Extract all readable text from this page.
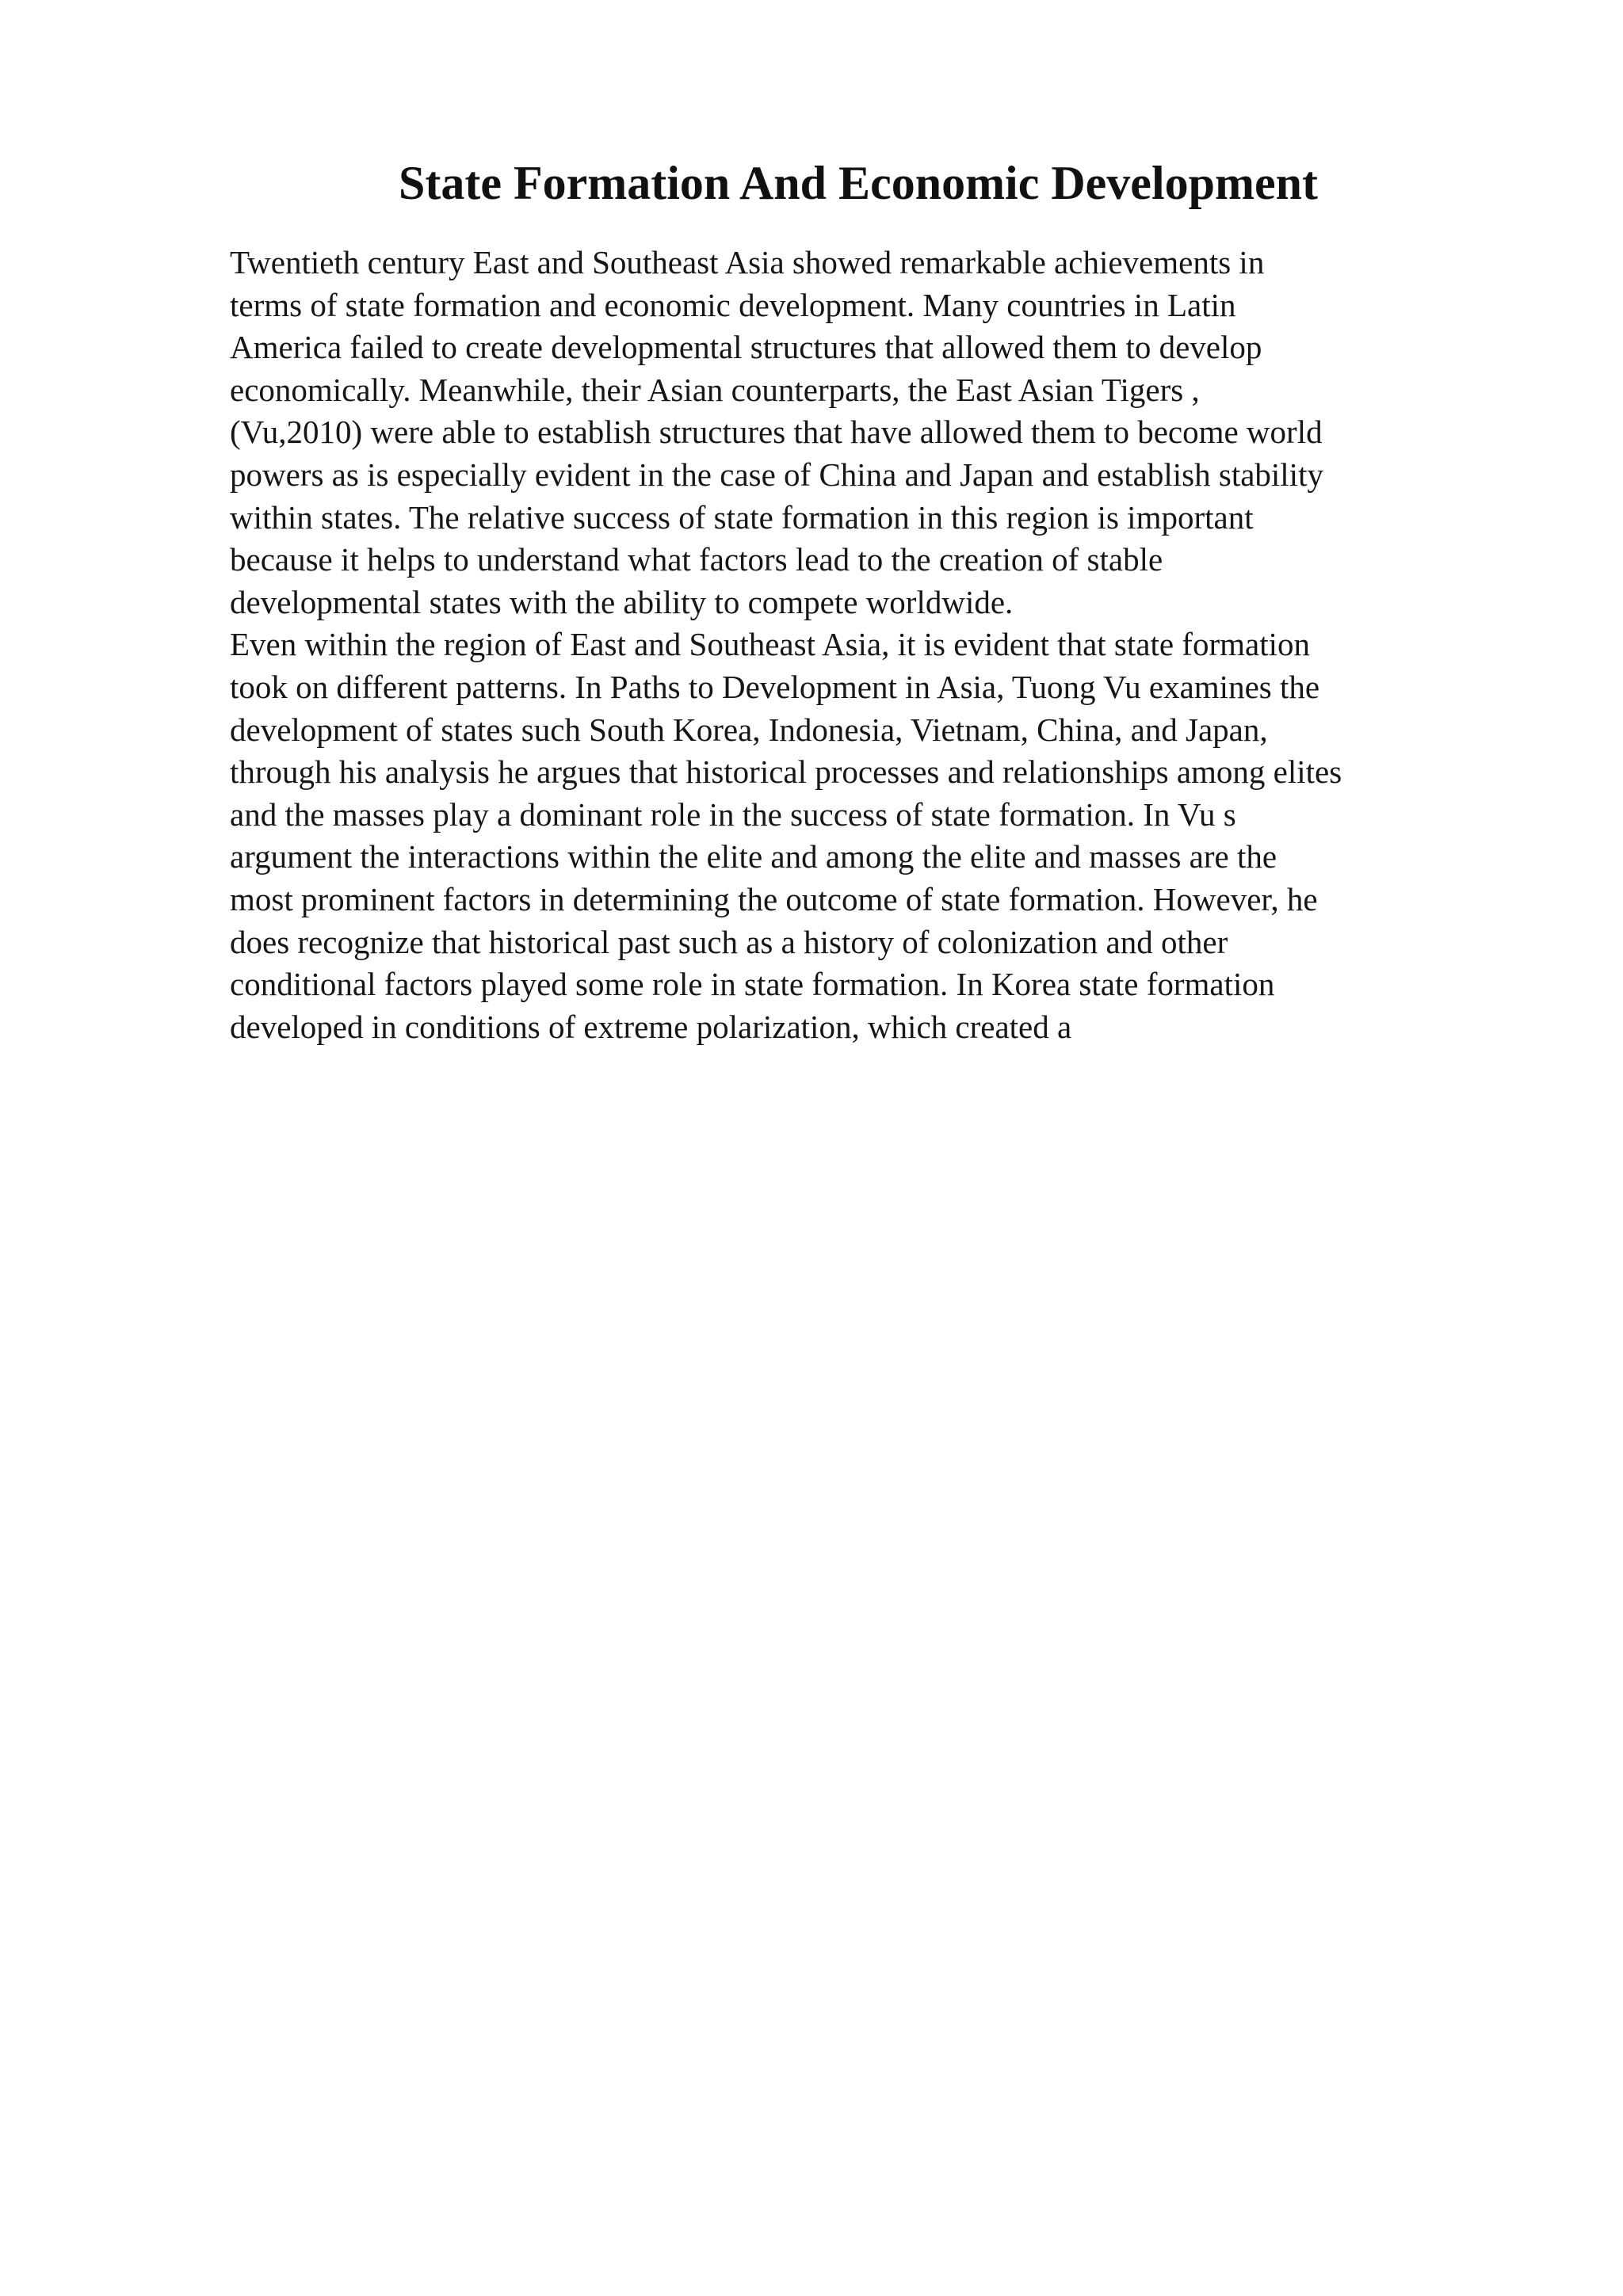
State Formation And Economic Development
Twentieth century East and Southeast Asia showed remarkable achievements in
terms of state formation and economic development. Many countries in Latin
America failed to create developmental structures that allowed them to develop
economically. Meanwhile, their Asian counterparts, the East Asian Tigers ,
(Vu,2010) were able to establish structures that have allowed them to become world
powers as is especially evident in the case of China and Japan and establish stability
within states. The relative success of state formation in this region is important
because it helps to understand what factors lead to the creation of stable
developmental states with the ability to compete worldwide.
Even within the region of East and Southeast Asia, it is evident that state formation
took on different patterns. In Paths to Development in Asia, Tuong Vu examines the
development of states such South Korea, Indonesia, Vietnam, China, and Japan,
through his analysis he argues that historical processes and relationships among elites
and the masses play a dominant role in the success of state formation. In Vu s
argument the interactions within the elite and among the elite and masses are the
most prominent factors in determining the outcome of state formation. However, he
does recognize that historical past such as a history of colonization and other
conditional factors played some role in state formation. In Korea state formation
developed in conditions of extreme polarization, which created a
